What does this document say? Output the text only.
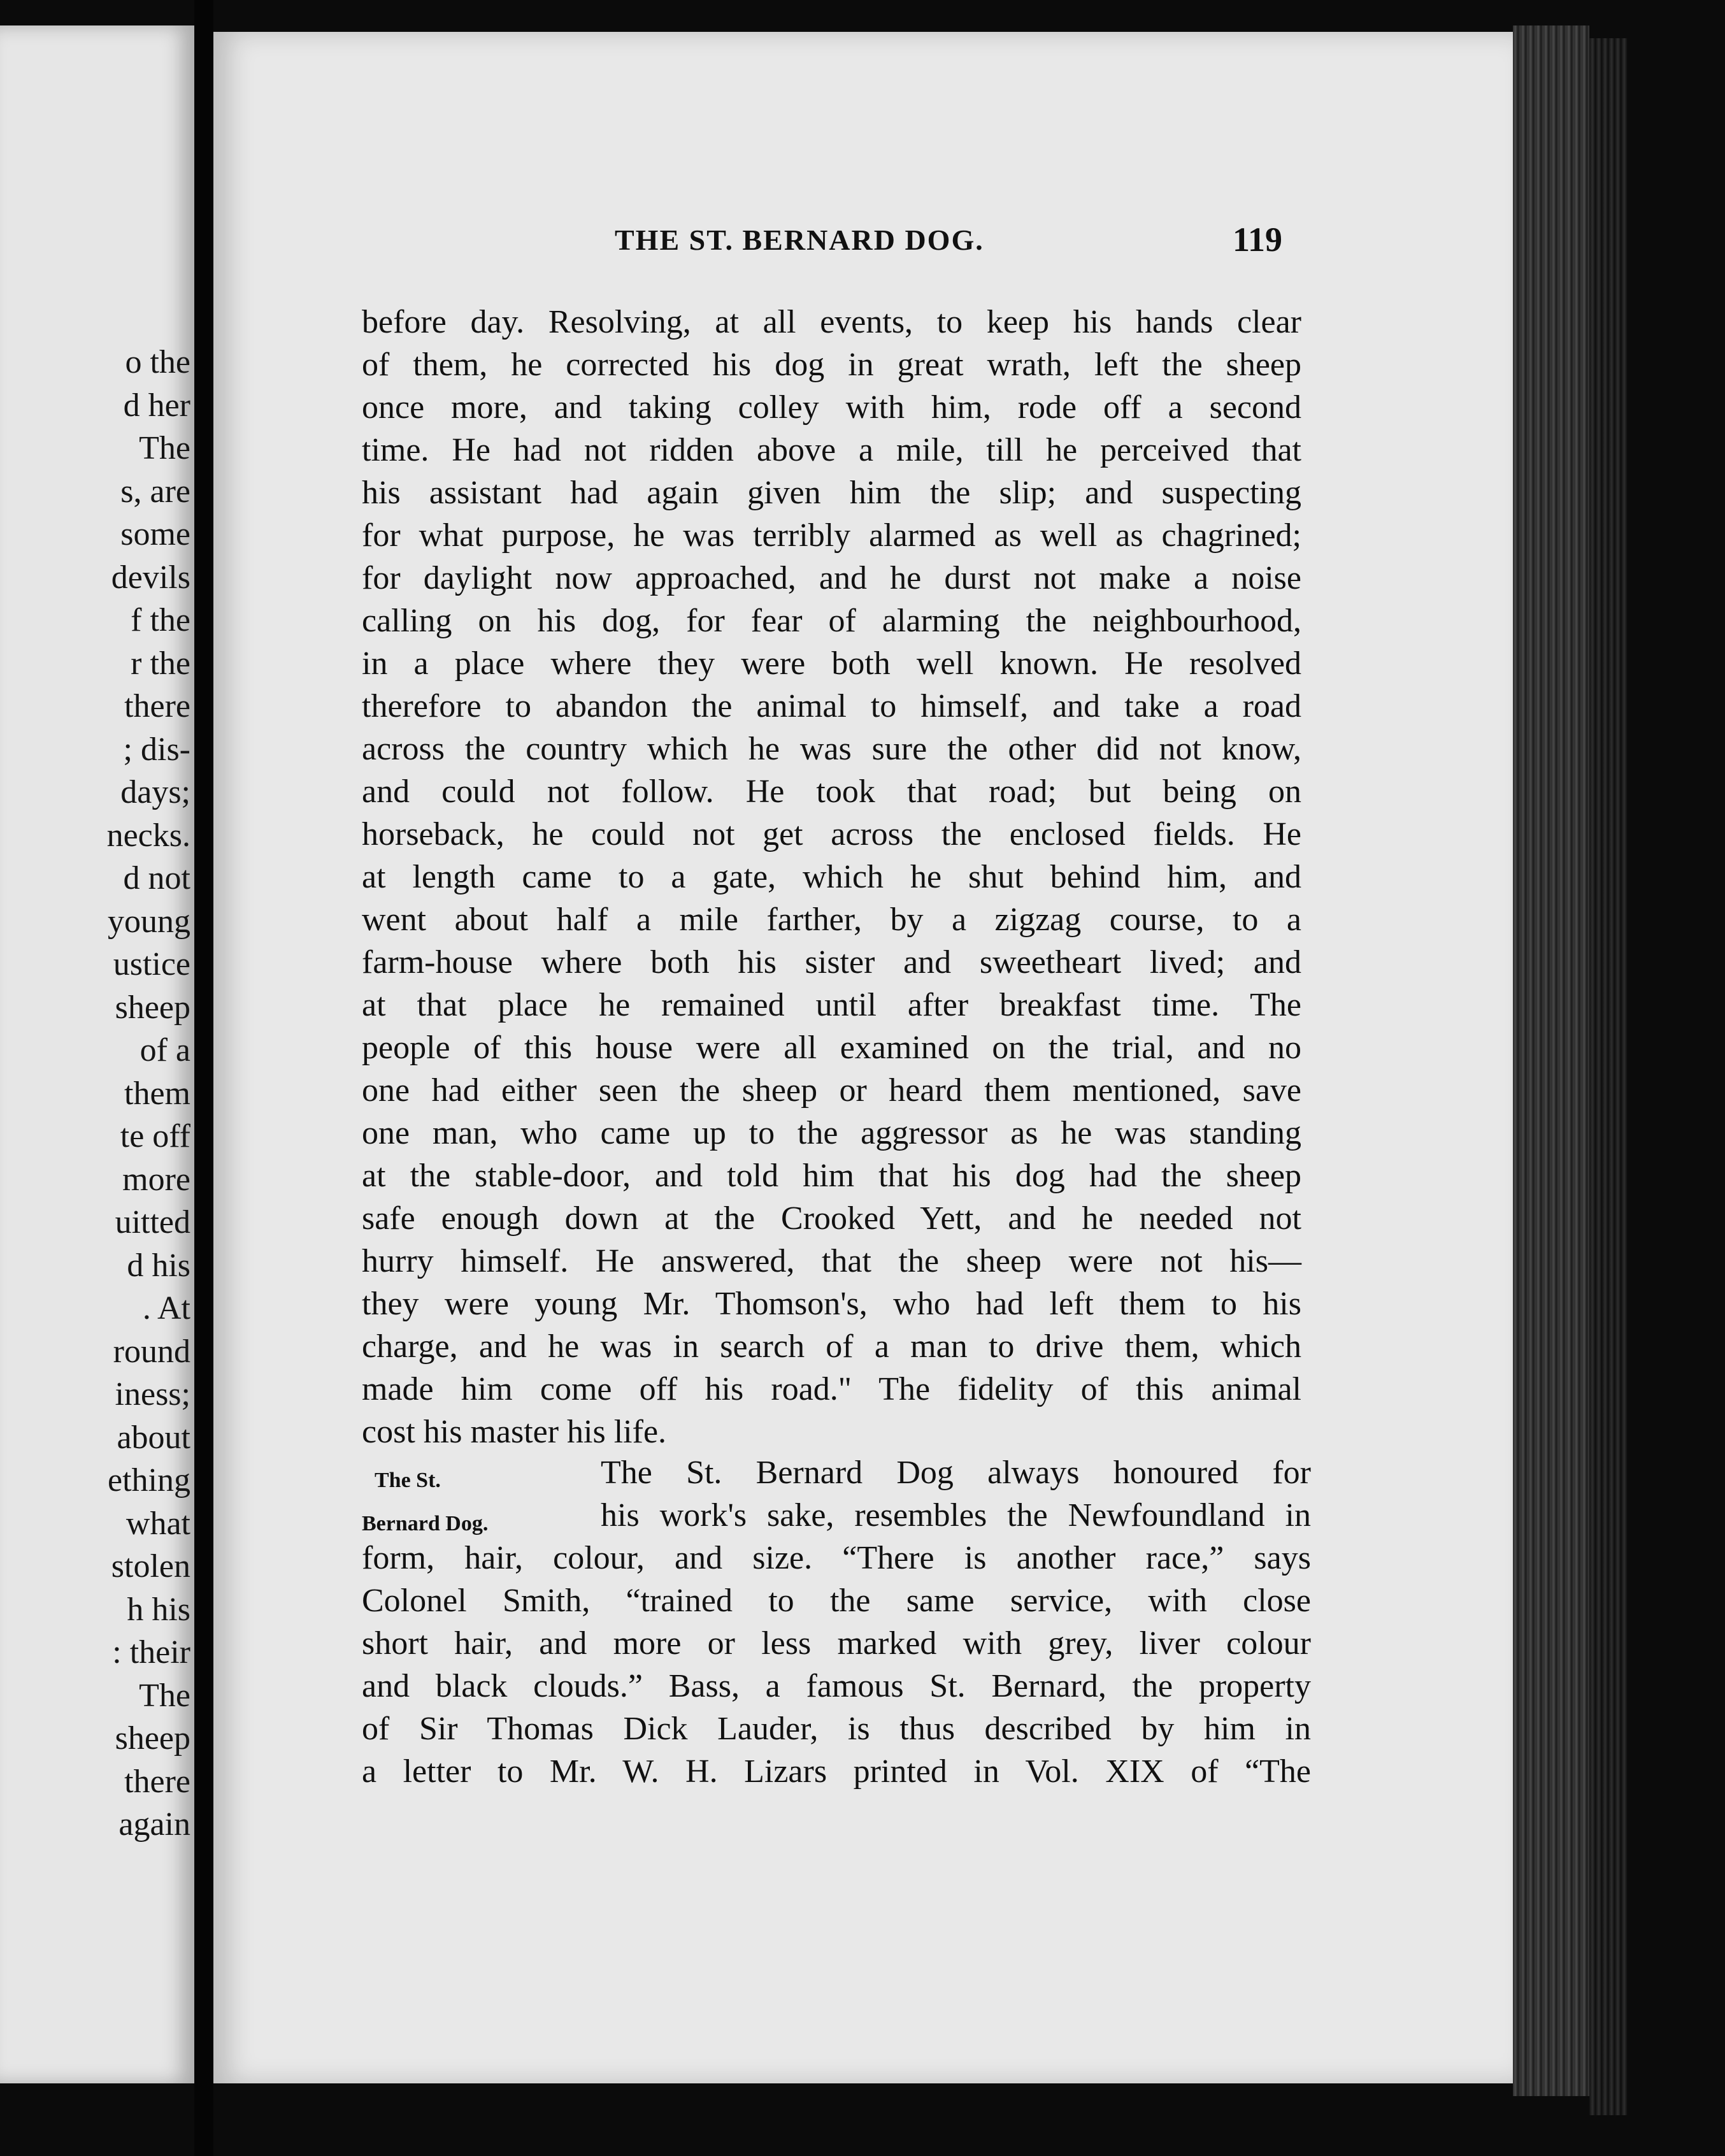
o the
d her
The
s, are
some
devils
f the
r the
there
; dis-
days;
necks.
d not
young
ustice
sheep
of a
them
te off
more
uitted
d his
. At
round
iness;
about
ething
what
stolen
h his
: their
The
sheep
there
again
THE ST. BERNARD DOG.	119
before day. Resolving, at all events, to keep his hands clear
of them, he corrected his dog in great wrath, left the sheep
once more, and taking colley with him, rode off a second
time. He had not ridden above a mile, till he perceived that
his assistant had again given him the slip; and suspecting
for what purpose, he was terribly alarmed as well as chagrined;
for daylight now approached, and he durst not make a noise
calling on his dog, for fear of alarming the neighbourhood,
in a place where they were both well known. He resolved
therefore to abandon the animal to himself, and take a road
across the country which he was sure the other did not know,
and could not follow. He took that road; but being on
horseback, he could not get across the enclosed fields. He
at length came to a gate, which he shut behind him, and
went about half a mile farther, by a zigzag course, to a
farm-house where both his sister and sweetheart lived; and
at that place he remained until after breakfast time. The
people of this house were all examined on the trial, and no
one had either seen the sheep or heard them mentioned, save
one man, who came up to the aggressor as he was standing
at the stable-door, and told him that his dog had the sheep
safe enough down at the Crooked Yett, and he needed not
hurry himself. He answered, that the sheep were not his—
they were young Mr. Thomson's, who had left them to his
charge, and he was in search of a man to drive them, which
made him come off his road." The fidelity of this animal
cost his master his life.
The St.
Bernard Dog.
The St. Bernard Dog always honoured for
his work's sake, resembles the Newfoundland in
form, hair, colour, and size. “There is another race,” says
Colonel Smith, “trained to the same service, with close
short hair, and more or less marked with grey, liver colour
and black clouds.” Bass, a famous St. Bernard, the property
of Sir Thomas Dick Lauder, is thus described by him in
a letter to Mr. W. H. Lizars printed in Vol. XIX of “The
